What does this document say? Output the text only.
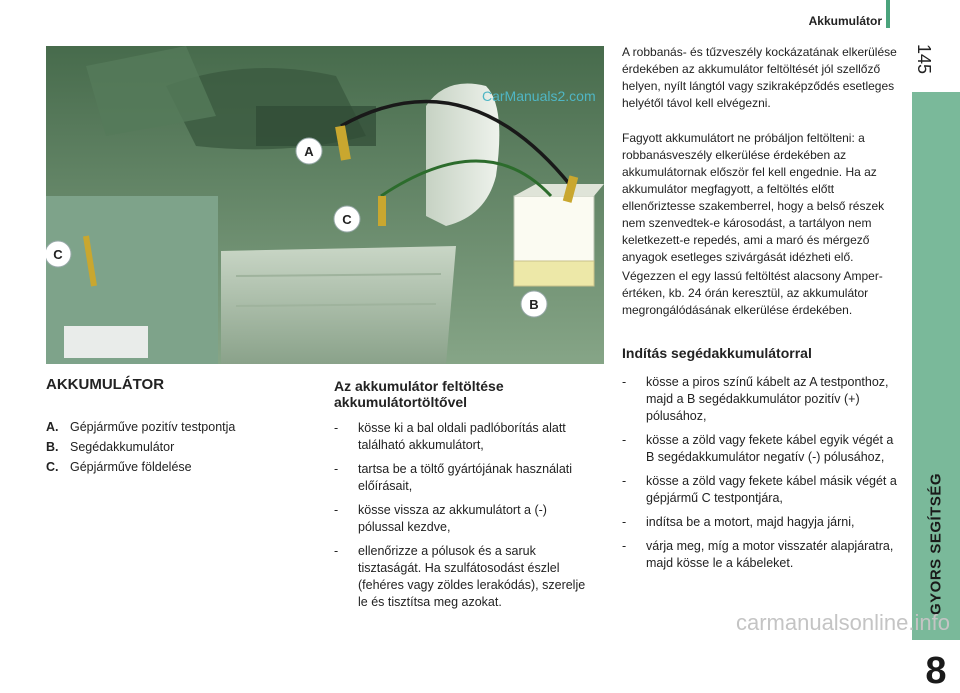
Akkumulátor
145
GYORS SEGÍTSÉG
8
A
C
C
B
CarManuals2.com

A robbanás- és tűzveszély kockázatának elkerülése érdekében az akkumulátor feltöltését jól szellőző helyen, nyílt lángtól vagy szikraképződés esetleges helyétől távol kell elvégezni.

Fagyott akkumulátort ne próbáljon feltölteni: a robbanásveszély elkerülése érdekében az akkumulátornak először fel kell engednie. Ha az akkumulátor megfagyott, a feltöltés előtt ellenőriztesse szakemberrel, hogy a belső részek nem szenvedtek-e károsodást, a tartályon nem keletkezett-e repedés, ami a maró és mérgező anyagok esetleges szivárgását idézheti elő.

Végezzen el egy lassú feltöltést alacsony Amper-értéken, kb. 24 órán keresztül, az akkumulátor megrongálódásának elkerülése érdekében.

Indítás segédakkumulátorral
- kösse a piros színű kábelt az A testponthoz, majd a B segédakkumulátor pozitív (+) pólusához,
- kösse a zöld vagy fekete kábel egyik végét a B segédakkumulátor negatív (-) pólusához,
- kösse a zöld vagy fekete kábel másik végét a gépjármű C testpontjára,
- indítsa be a motort, majd hagyja járni,
- várja meg, míg a motor visszatér alapjáratra, majd kösse le a kábeleket.
AKKUMULÁTOR
A. Gépjárműve pozitív testpontja
B. Segédakkumulátor
C. Gépjárműve földelése
Az akkumulátor feltöltése
akkumulátortöltővel
- kösse ki a bal oldali padlóborítás alatt található akkumulátort,
- tartsa be a töltő gyártójának használati előírásait,
- kösse vissza az akkumulátort a (-) pólussal kezdve,
- ellenőrizze a pólusok és a saruk tisztaságát. Ha szulfátosodást észlel (fehéres vagy zöldes lerakódás), szerelje le és tisztítsa meg azokat.
carmanualsonline.info
